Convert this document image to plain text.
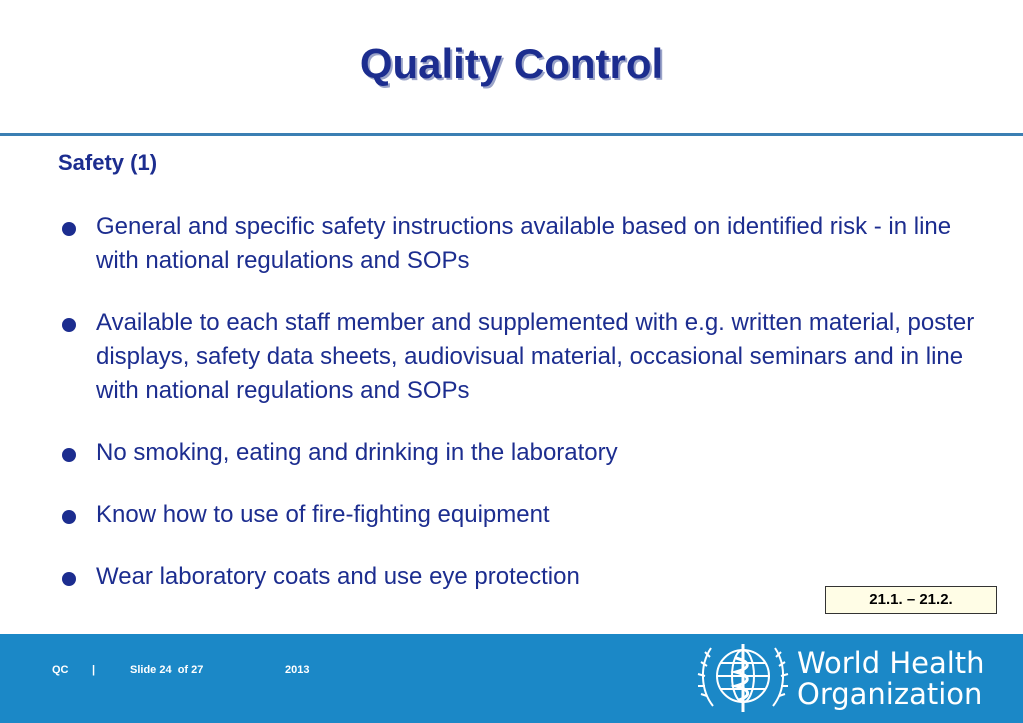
Quality Control
Safety (1)
General and specific safety instructions available based on identified risk - in line with national regulations and SOPs
Available to each staff member and supplemented with e.g. written material, poster displays, safety data sheets, audiovisual material, occasional seminars and in line with national regulations and SOPs
No smoking, eating and drinking in the laboratory
Know how to use of fire-fighting equipment
Wear laboratory coats and use eye protection
21.1. – 21.2.
QC |	Slide 24  of 27	2013	World Health
Organization
